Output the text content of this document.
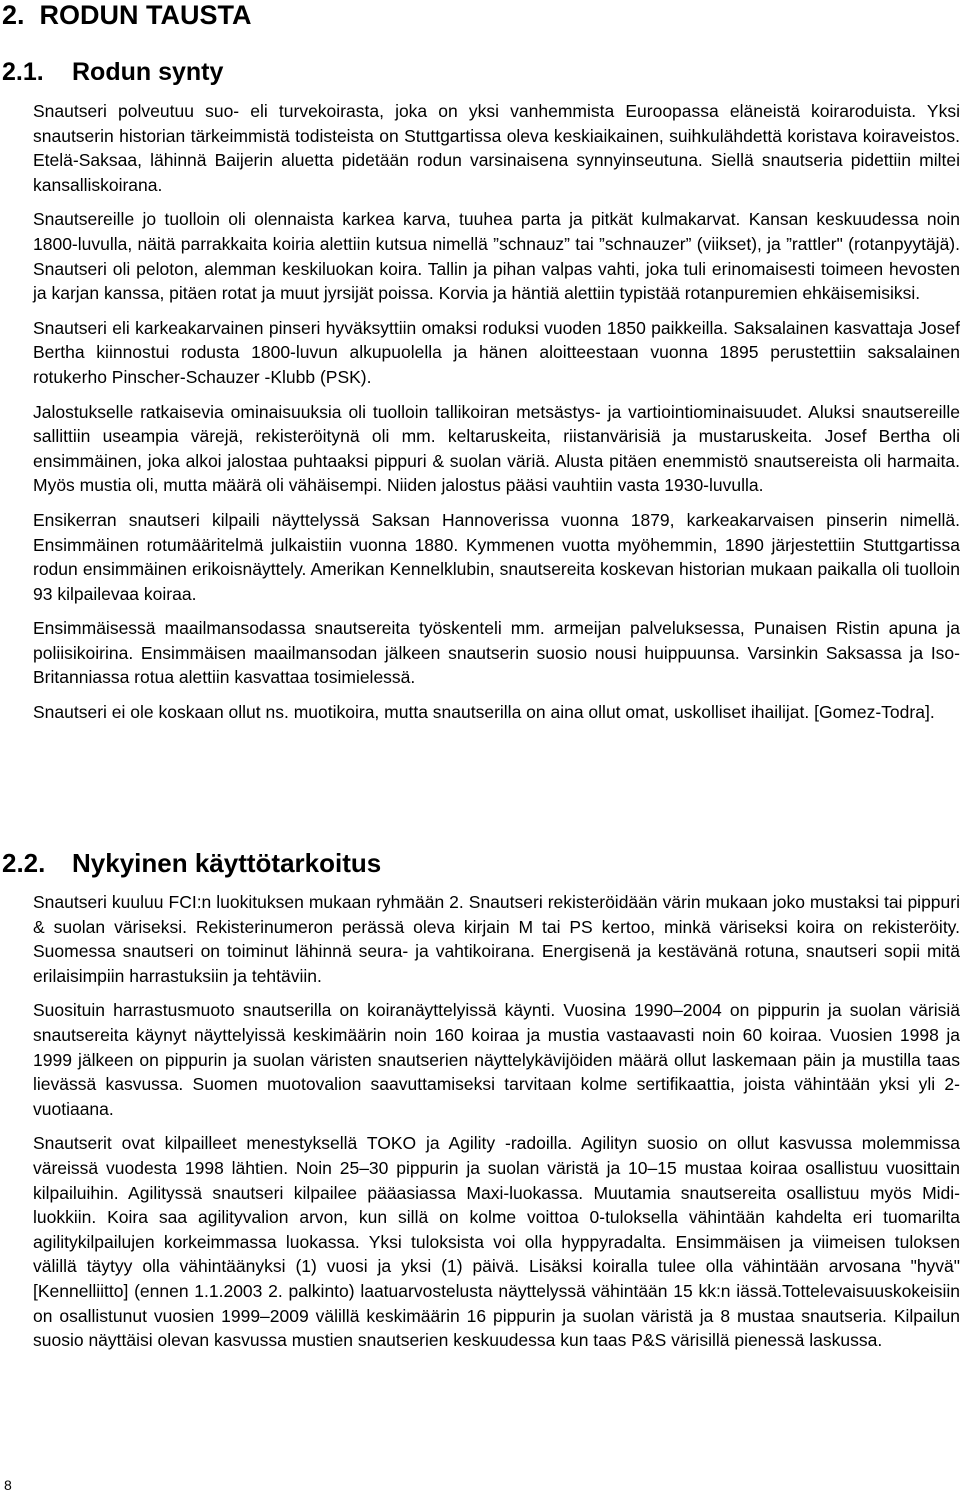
2. RODUN TAUSTA
2.1. Rodun synty

Snautseri polveutuu suo- eli turvekoirasta, joka on yksi vanhemmista Euroopassa eläneistä koiraroduista. Yksi snautserin historian tärkeimmistä todisteista on Stuttgartissa oleva keskiaikainen, suihkulähdettä koristava koiraveistos. Etelä-Saksaa, lähinnä Baijerin aluetta pidetään rodun varsinaisena synnyinseutuna. Siellä snautseria pidettiin miltei kansalliskoirana.

Snautsereille jo tuolloin oli olennaista karkea karva, tuuhea parta ja pitkät kulmakarvat. Kansan keskuudessa noin 1800-luvulla, näitä parrakkaita koiria alettiin kutsua nimellä ”schnauz” tai ”schnauzer” (viikset), ja ”rattler" (rotanpyytäjä). Snautseri oli peloton, alemman keskiluokan koira. Tallin ja pihan valpas vahti, joka tuli erinomaisesti toimeen hevosten ja karjan kanssa, pitäen rotat ja muut jyrsijät poissa. Korvia ja häntiä alettiin typistää rotanpuremien ehkäisemisiksi.

Snautseri eli karkeakarvainen pinseri hyväksyttiin omaksi roduksi vuoden 1850 paikkeilla. Saksalainen kasvattaja Josef Bertha kiinnostui rodusta 1800-luvun alkupuolella ja hänen aloitteestaan vuonna 1895 perustettiin saksalainen rotukerho Pinscher-Schauzer -Klubb (PSK).

Jalostukselle ratkaisevia ominaisuuksia oli tuolloin tallikoiran metsästys- ja vartiointiominaisuudet. Aluksi snautsereille sallittiin useampia värejä, rekisteröitynä oli mm. keltaruskeita, riistanvärisiä ja mustaruskeita. Josef Bertha oli ensimmäinen, joka alkoi jalostaa puhtaaksi pippuri & suolan väriä. Alusta pitäen enemmistö snautsereista oli harmaita. Myös mustia oli, mutta määrä oli vähäisempi. Niiden jalostus pääsi vauhtiin vasta 1930-luvulla.

Ensikerran snautseri kilpaili näyttelyssä Saksan Hannoverissa vuonna 1879, karkeakarvaisen pinserin nimellä. Ensimmäinen rotumääritelmä julkaistiin vuonna 1880. Kymmenen vuotta myöhemmin, 1890 järjestettiin Stuttgartissa rodun ensimmäinen erikoisnäyttely. Amerikan Kennelklubin, snautsereita koskevan historian mukaan paikalla oli tuolloin 93 kilpailevaa koiraa.

Ensimmäisessä maailmansodassa snautsereita työskenteli mm. armeijan palveluksessa, Punaisen Ristin apuna ja poliisikoirina. Ensimmäisen maailmansodan jälkeen snautserin suosio nousi huippuunsa. Varsinkin Saksassa ja Iso-Britanniassa rotua alettiin kasvattaa tosimielessä.

Snautseri ei ole koskaan ollut ns. muotikoira, mutta snautserilla on aina ollut omat, uskolliset ihailijat. [Gomez-Todra].

2.2. Nykyinen käyttötarkoitus

Snautseri kuuluu FCI:n luokituksen mukaan ryhmään 2. Snautseri rekisteröidään värin mukaan joko mustaksi tai pippuri & suolan väriseksi. Rekisterinumeron perässä oleva kirjain M tai PS kertoo, minkä väriseksi koira on rekisteröity. Suomessa snautseri on toiminut lähinnä seura- ja vahtikoirana. Energisenä ja kestävänä rotuna, snautseri sopii mitä erilaisimpiin harrastuksiin ja tehtäviin.

Suosituin harrastusmuoto snautserilla on koiranäyttelyissä käynti. Vuosina 1990–2004 on pippurin ja suolan värisiä snautsereita käynyt näyttelyissä keskimäärin noin 160 koiraa ja mustia vastaavasti noin 60 koiraa. Vuosien 1998 ja 1999 jälkeen on pippurin ja suolan väristen snautserien näyttelykävijöiden määrä ollut laskemaan päin ja mustilla taas lievässä kasvussa. Suomen muotovalion saavuttamiseksi tarvitaan kolme sertifikaattia, joista vähintään yksi yli 2-vuotiaana.

Snautserit ovat kilpailleet menestyksellä TOKO ja Agility -radoilla. Agilityn suosio on ollut kasvussa molemmissa väreissä vuodesta 1998 lähtien. Noin 25–30 pippurin ja suolan väristä ja 10–15 mustaa koiraa osallistuu vuosittain kilpailuihin. Agilityssä snautseri kilpailee pääasiassa Maxi-luokassa. Muutamia snautsereita osallistuu myös Midi-luokkiin. Koira saa agilityvalion arvon, kun sillä on kolme voittoa 0-tuloksella vähintään kahdelta eri tuomarilta agilitykilpailujen korkeimmassa luokassa. Yksi tuloksista voi olla hyppyradalta. Ensimmäisen ja viimeisen tuloksen välillä täytyy olla vähintäänyksi (1) vuosi ja yksi (1) päivä. Lisäksi koiralla tulee olla vähintään arvosana "hyvä"[Kennelliitto] (ennen 1.1.2003 2. palkinto) laatuarvostelusta näyttelyssä vähintään 15 kk:n iässä.Tottelevaisuuskokeisiin on osallistunut vuosien 1999–2009 välillä keskimäärin 16 pippurin ja suolan väristä ja 8 mustaa snautseria. Kilpailun suosio näyttäisi olevan kasvussa mustien snautserien keskuudessa kun taas P&S värisillä pienessä laskussa.

8
